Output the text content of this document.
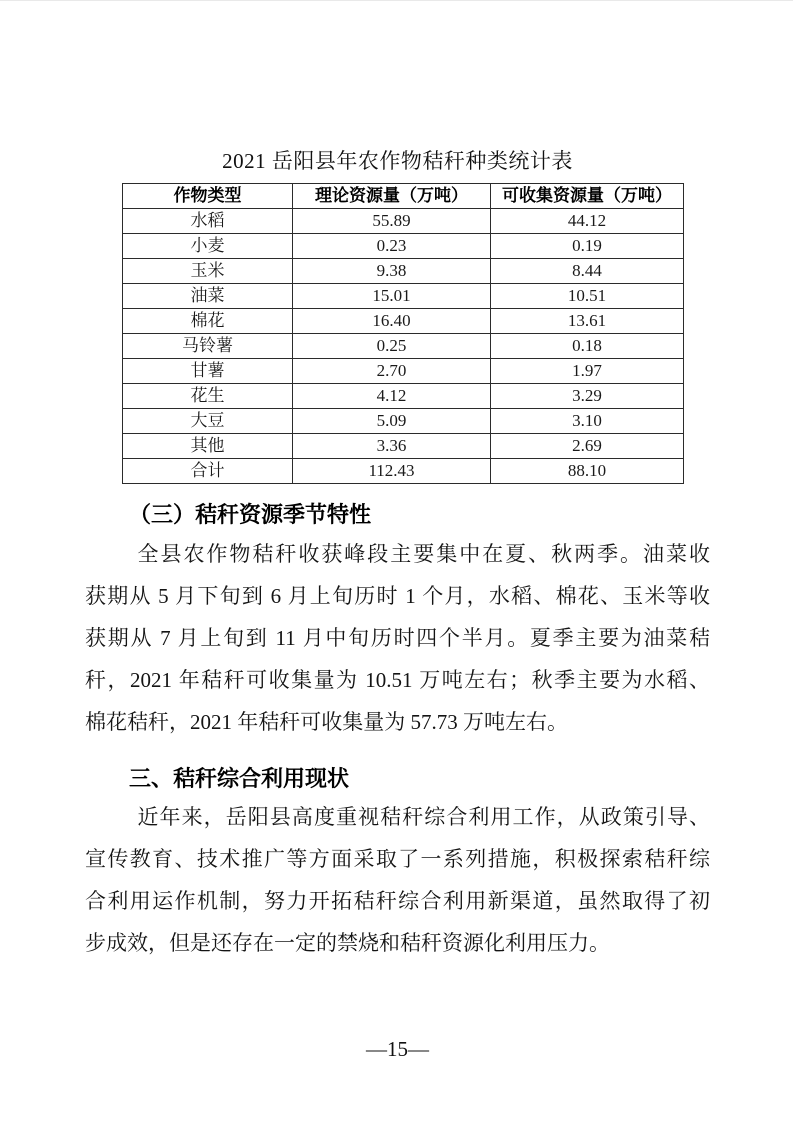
2021 岳阳县年农作物秸秆种类统计表
作物类型	理论资源量（万吨）	可收集资源量（万吨）
水稻	55.89	44.12
小麦	0.23	0.19
玉米	9.38	8.44
油菜	15.01	10.51
棉花	16.40	13.61
马铃薯	0.25	0.18
甘薯	2.70	1.97
花生	4.12	3.29
大豆	5.09	3.10
其他	3.36	2.69
合计	112.43	88.10
（三）秸秆资源季节特性
全县农作物秸秆收获峰段主要集中在夏、秋两季。油菜收
获期从 5 月下旬到 6 月上旬历时 1 个月，水稻、棉花、玉米等收
获期从 7 月上旬到 11 月中旬历时四个半月。夏季主要为油菜秸
秆，2021 年秸秆可收集量为 10.51 万吨左右；秋季主要为水稻、
棉花秸秆，2021 年秸秆可收集量为 57.73 万吨左右。
三、秸秆综合利用现状
近年来，岳阳县高度重视秸秆综合利用工作，从政策引导、
宣传教育、技术推广等方面采取了一系列措施，积极探索秸秆综
合利用运作机制，努力开拓秸秆综合利用新渠道，虽然取得了初
步成效，但是还存在一定的禁烧和秸秆资源化利用压力。
—15—
